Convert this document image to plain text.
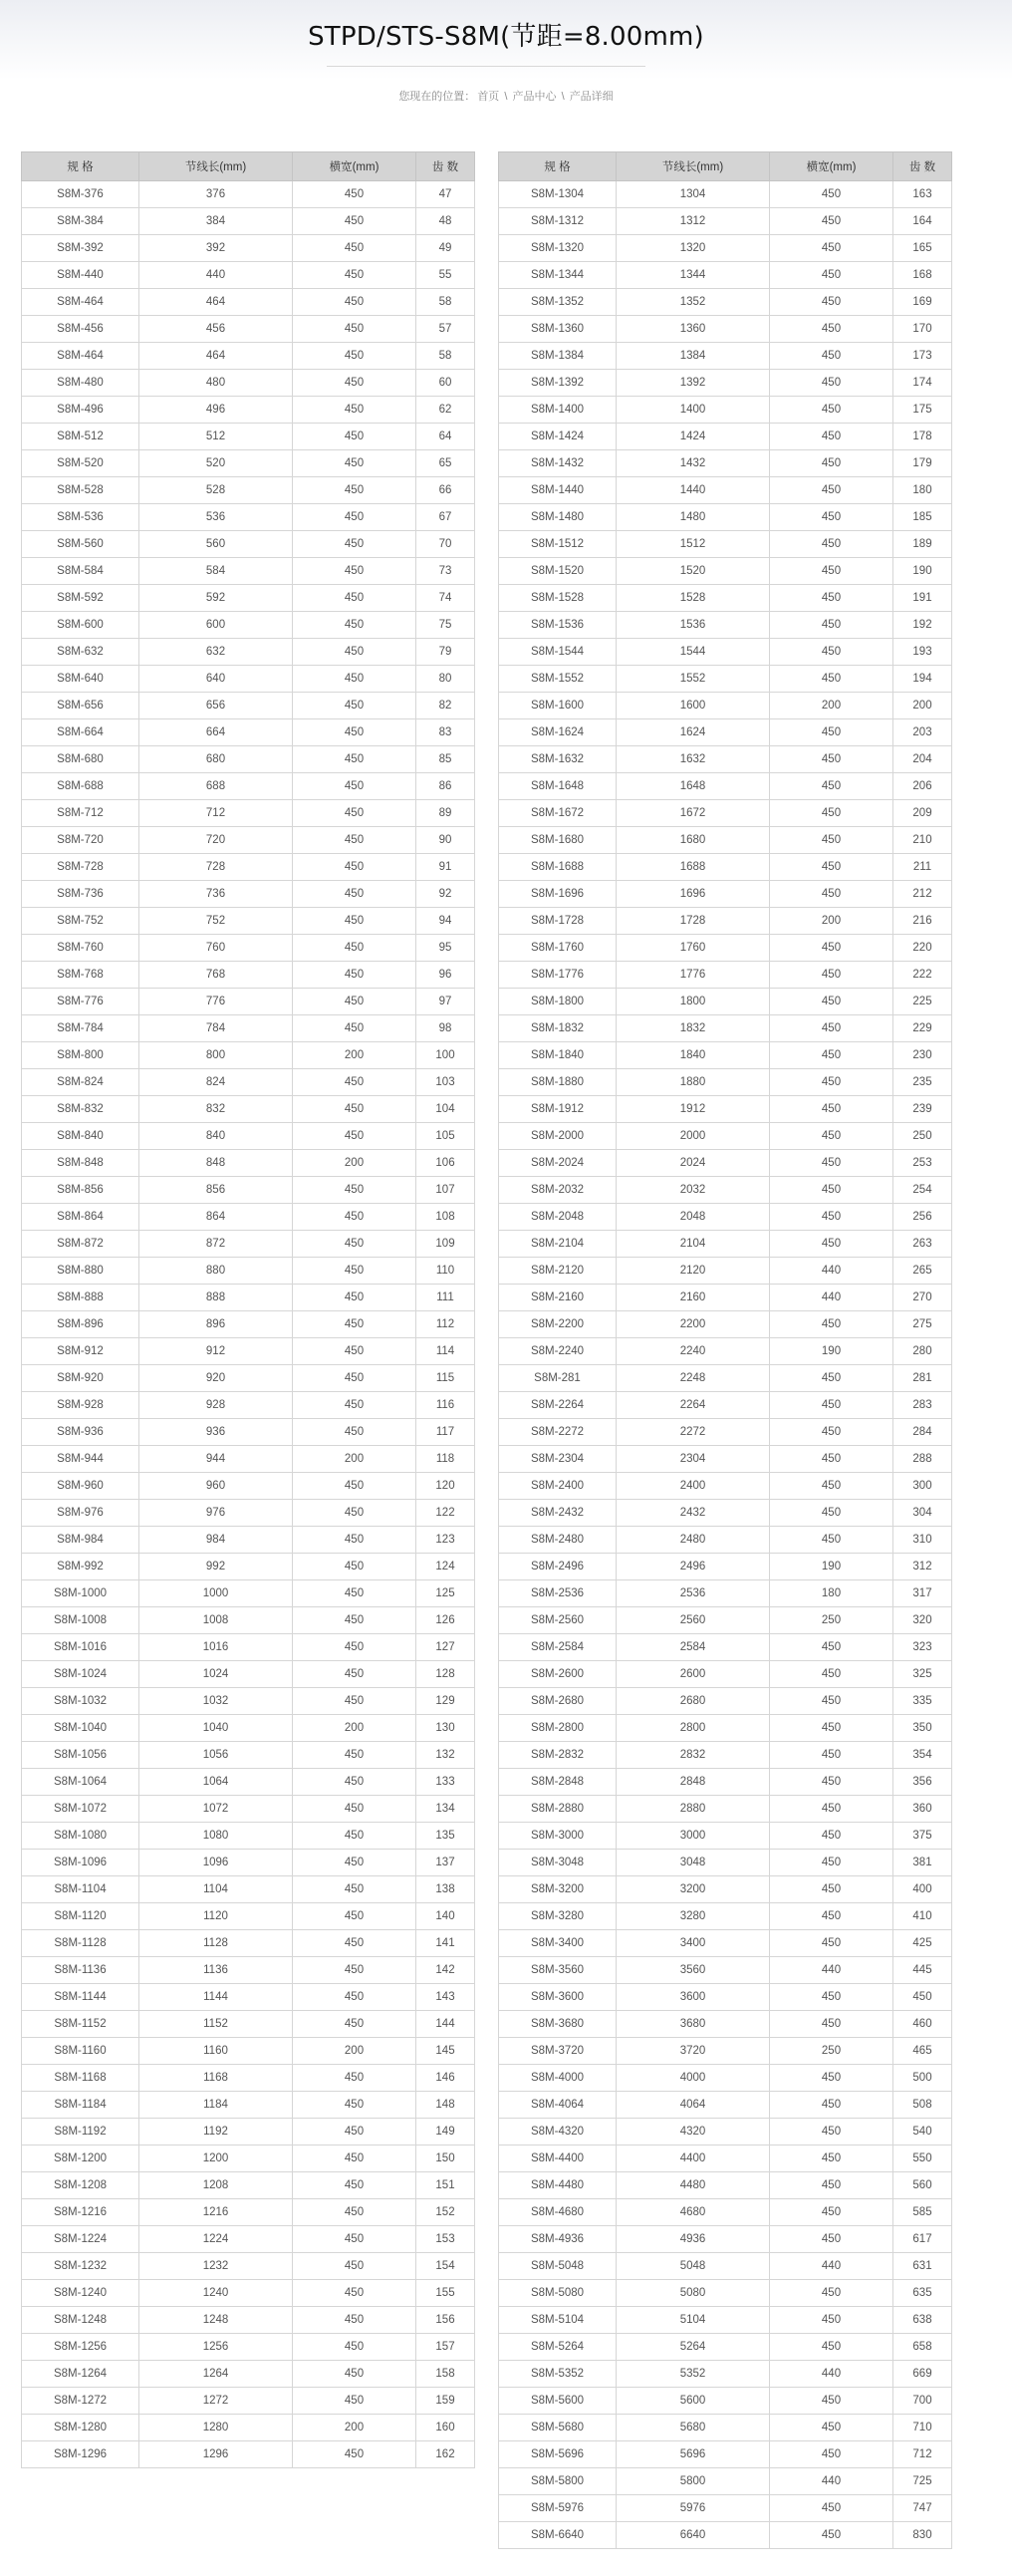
STPD/STS-S8M(节距=8.00mm)
您现在的位置： 首页 \ 产品中心 \ 产品详细
规 格	节线长(mm)	横宽(mm)	齿 数
S8M-376	376	450	47
S8M-384	384	450	48
S8M-392	392	450	49
S8M-440	440	450	55
S8M-464	464	450	58
S8M-456	456	450	57
S8M-464	464	450	58
S8M-480	480	450	60
S8M-496	496	450	62
S8M-512	512	450	64
S8M-520	520	450	65
S8M-528	528	450	66
S8M-536	536	450	67
S8M-560	560	450	70
S8M-584	584	450	73
S8M-592	592	450	74
S8M-600	600	450	75
S8M-632	632	450	79
S8M-640	640	450	80
S8M-656	656	450	82
S8M-664	664	450	83
S8M-680	680	450	85
S8M-688	688	450	86
S8M-712	712	450	89
S8M-720	720	450	90
S8M-728	728	450	91
S8M-736	736	450	92
S8M-752	752	450	94
S8M-760	760	450	95
S8M-768	768	450	96
S8M-776	776	450	97
S8M-784	784	450	98
S8M-800	800	200	100
S8M-824	824	450	103
S8M-832	832	450	104
S8M-840	840	450	105
S8M-848	848	200	106
S8M-856	856	450	107
S8M-864	864	450	108
S8M-872	872	450	109
S8M-880	880	450	110
S8M-888	888	450	111
S8M-896	896	450	112
S8M-912	912	450	114
S8M-920	920	450	115
S8M-928	928	450	116
S8M-936	936	450	117
S8M-944	944	200	118
S8M-960	960	450	120
S8M-976	976	450	122
S8M-984	984	450	123
S8M-992	992	450	124
S8M-1000	1000	450	125
S8M-1008	1008	450	126
S8M-1016	1016	450	127
S8M-1024	1024	450	128
S8M-1032	1032	450	129
S8M-1040	1040	200	130
S8M-1056	1056	450	132
S8M-1064	1064	450	133
S8M-1072	1072	450	134
S8M-1080	1080	450	135
S8M-1096	1096	450	137
S8M-1104	1104	450	138
S8M-1120	1120	450	140
S8M-1128	1128	450	141
S8M-1136	1136	450	142
S8M-1144	1144	450	143
S8M-1152	1152	450	144
S8M-1160	1160	200	145
S8M-1168	1168	450	146
S8M-1184	1184	450	148
S8M-1192	1192	450	149
S8M-1200	1200	450	150
S8M-1208	1208	450	151
S8M-1216	1216	450	152
S8M-1224	1224	450	153
S8M-1232	1232	450	154
S8M-1240	1240	450	155
S8M-1248	1248	450	156
S8M-1256	1256	450	157
S8M-1264	1264	450	158
S8M-1272	1272	450	159
S8M-1280	1280	200	160
S8M-1296	1296	450	162
规 格	节线长(mm)	横宽(mm)	齿 数
S8M-1304	1304	450	163
S8M-1312	1312	450	164
S8M-1320	1320	450	165
S8M-1344	1344	450	168
S8M-1352	1352	450	169
S8M-1360	1360	450	170
S8M-1384	1384	450	173
S8M-1392	1392	450	174
S8M-1400	1400	450	175
S8M-1424	1424	450	178
S8M-1432	1432	450	179
S8M-1440	1440	450	180
S8M-1480	1480	450	185
S8M-1512	1512	450	189
S8M-1520	1520	450	190
S8M-1528	1528	450	191
S8M-1536	1536	450	192
S8M-1544	1544	450	193
S8M-1552	1552	450	194
S8M-1600	1600	200	200
S8M-1624	1624	450	203
S8M-1632	1632	450	204
S8M-1648	1648	450	206
S8M-1672	1672	450	209
S8M-1680	1680	450	210
S8M-1688	1688	450	211
S8M-1696	1696	450	212
S8M-1728	1728	200	216
S8M-1760	1760	450	220
S8M-1776	1776	450	222
S8M-1800	1800	450	225
S8M-1832	1832	450	229
S8M-1840	1840	450	230
S8M-1880	1880	450	235
S8M-1912	1912	450	239
S8M-2000	2000	450	250
S8M-2024	2024	450	253
S8M-2032	2032	450	254
S8M-2048	2048	450	256
S8M-2104	2104	450	263
S8M-2120	2120	440	265
S8M-2160	2160	440	270
S8M-2200	2200	450	275
S8M-2240	2240	190	280
S8M-281	2248	450	281
S8M-2264	2264	450	283
S8M-2272	2272	450	284
S8M-2304	2304	450	288
S8M-2400	2400	450	300
S8M-2432	2432	450	304
S8M-2480	2480	450	310
S8M-2496	2496	190	312
S8M-2536	2536	180	317
S8M-2560	2560	250	320
S8M-2584	2584	450	323
S8M-2600	2600	450	325
S8M-2680	2680	450	335
S8M-2800	2800	450	350
S8M-2832	2832	450	354
S8M-2848	2848	450	356
S8M-2880	2880	450	360
S8M-3000	3000	450	375
S8M-3048	3048	450	381
S8M-3200	3200	450	400
S8M-3280	3280	450	410
S8M-3400	3400	450	425
S8M-3560	3560	440	445
S8M-3600	3600	450	450
S8M-3680	3680	450	460
S8M-3720	3720	250	465
S8M-4000	4000	450	500
S8M-4064	4064	450	508
S8M-4320	4320	450	540
S8M-4400	4400	450	550
S8M-4480	4480	450	560
S8M-4680	4680	450	585
S8M-4936	4936	450	617
S8M-5048	5048	440	631
S8M-5080	5080	450	635
S8M-5104	5104	450	638
S8M-5264	5264	450	658
S8M-5352	5352	440	669
S8M-5600	5600	450	700
S8M-5680	5680	450	710
S8M-5696	5696	450	712
S8M-5800	5800	440	725
S8M-5976	5976	450	747
S8M-6640	6640	450	830
